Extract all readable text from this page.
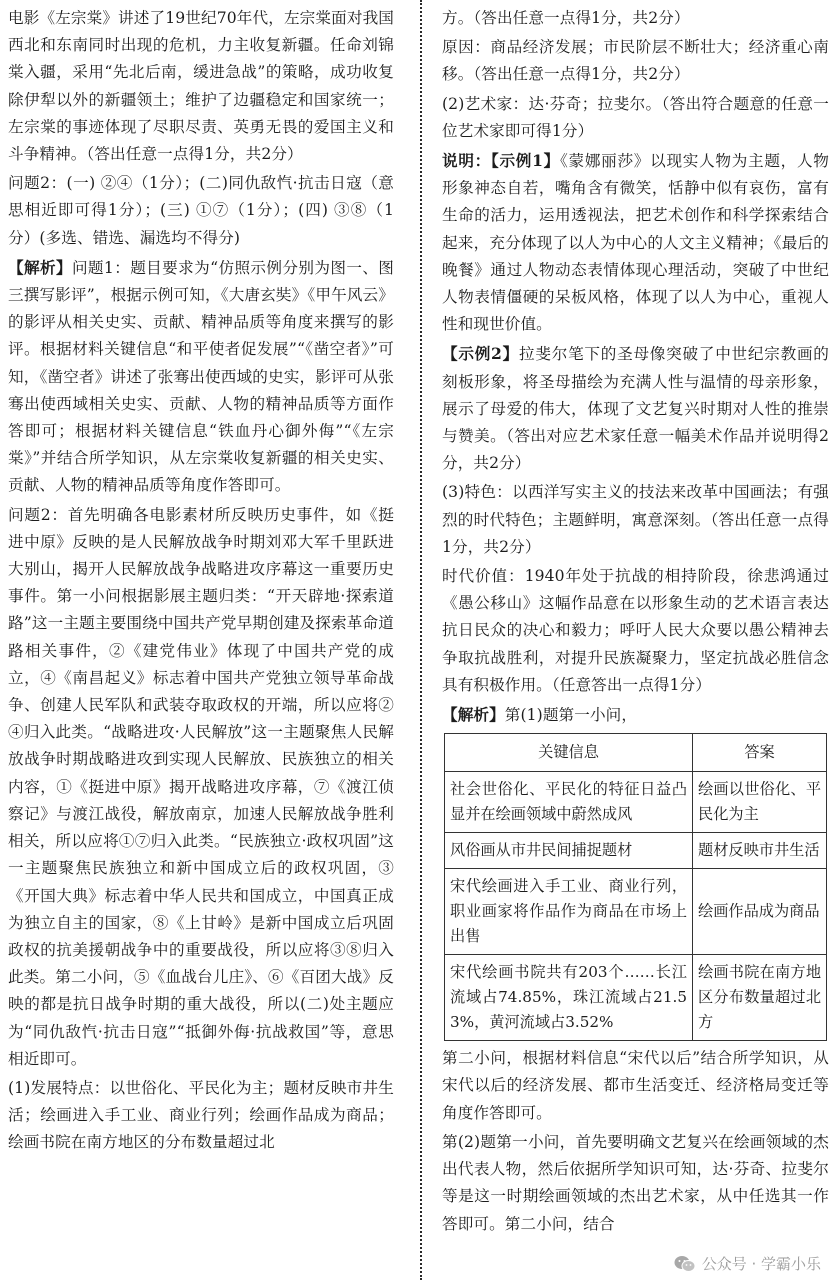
电影《左宗棠》讲述了19世纪70年代，左宗棠面对我国西北和东南同时出现的危机，力主收复新疆。任命刘锦棠入疆，采用“先北后南，缓进急战”的策略，成功收复除伊犁以外的新疆领土；维护了边疆稳定和国家统一；左宗棠的事迹体现了尽职尽责、英勇无畏的爱国主义和斗争精神。（答出任意一点得1分，共2分）

问题2：(一) ②④（1分）；(二)同仇敌忾·抗击日寇（意思相近即可得1分）；(三) ①⑦（1分）；(四) ③⑧（1分）(多选、错选、漏选均不得分)

【解析】问题1：题目要求为“仿照示例分别为图一、图三撰写影评”，根据示例可知，《大唐玄奘》《甲午风云》的影评从相关史实、贡献、精神品质等角度来撰写的影评。根据材料关键信息“和平使者促发展”“《凿空者》”可知，《凿空者》讲述了张骞出使西域的史实，影评可从张骞出使西域相关史实、贡献、人物的精神品质等方面作答即可；根据材料关键信息“铁血丹心御外侮”“《左宗棠》”并结合所学知识，从左宗棠收复新疆的相关史实、贡献、人物的精神品质等角度作答即可。

问题2：首先明确各电影素材所反映历史事件，如《挺进中原》反映的是人民解放战争时期刘邓大军千里跃进大别山，揭开人民解放战争战略进攻序幕这一重要历史事件。第一小问根据影展主题归类：“开天辟地·探索道路”这一主题主要围绕中国共产党早期创建及探索革命道路相关事件，②《建党伟业》体现了中国共产党的成立，④《南昌起义》标志着中国共产党独立领导革命战争、创建人民军队和武装夺取政权的开端，所以应将②④归入此类。“战略进攻·人民解放”这一主题聚焦人民解放战争时期战略进攻到实现人民解放、民族独立的相关内容，①《挺进中原》揭开战略进攻序幕，⑦《渡江侦察记》与渡江战役，解放南京，加速人民解放战争胜利相关，所以应将①⑦归入此类。“民族独立·政权巩固”这一主题聚焦民族独立和新中国成立后的政权巩固，③《开国大典》标志着中华人民共和国成立，中国真正成为独立自主的国家，⑧《上甘岭》是新中国成立后巩固政权的抗美援朝战争中的重要战役，所以应将③⑧归入此类。第二小问，⑤《血战台儿庄》、⑥《百团大战》反映的都是抗日战争时期的重大战役，所以(二)处主题应为“同仇敌忾·抗击日寇”“抵御外侮·抗战救国”等，意思相近即可。

(1)发展特点：以世俗化、平民化为主；题材反映市井生活；绘画进入手工业、商业行列；绘画作品成为商品；绘画书院在南方地区的分布数量超过北

方。（答出任意一点得1分，共2分）

原因：商品经济发展；市民阶层不断壮大；经济重心南移。（答出任意一点得1分，共2分）

(2)艺术家：达·芬奇；拉斐尔。（答出符合题意的任意一位艺术家即可得1分）

说明：【示例1】《蒙娜丽莎》以现实人物为主题，人物形象神态自若，嘴角含有微笑，恬静中似有哀伤，富有生命的活力，运用透视法，把艺术创作和科学探索结合起来，充分体现了以人为中心的人文主义精神；《最后的晚餐》通过人物动态表情体现心理活动，突破了中世纪人物表情僵硬的呆板风格，体现了以人为中心，重视人性和现世价值。

【示例2】拉斐尔笔下的圣母像突破了中世纪宗教画的刻板形象，将圣母描绘为充满人性与温情的母亲形象，展示了母爱的伟大，体现了文艺复兴时期对人性的推崇与赞美。（答出对应艺术家任意一幅美术作品并说明得2分，共2分）

(3)特色：以西洋写实主义的技法来改革中国画法；有强烈的时代特色；主题鲜明，寓意深刻。（答出任意一点得1分，共2分）

时代价值：1940年处于抗战的相持阶段，徐悲鸿通过《愚公移山》这幅作品意在以形象生动的艺术语言表达抗日民众的决心和毅力；呼吁人民大众要以愚公精神去争取抗战胜利，对提升民族凝聚力，坚定抗战必胜信念具有积极作用。（任意答出一点得1分）

【解析】第(1)题第一小问，

关键信息	答案
社会世俗化、平民化的特征日益凸显并在绘画领域中蔚然成风	绘画以世俗化、平民化为主
风俗画从市井民间捕捉题材	题材反映市井生活
宋代绘画进入手工业、商业行列，职业画家将作品作为商品在市场上出售	绘画作品成为商品
宋代绘画书院共有203个……长江流域占74.85%，珠江流域占21.53%，黄河流域占3.52%	绘画书院在南方地区分布数量超过北方

第二小问，根据材料信息“宋代以后”结合所学知识，从宋代以后的经济发展、都市生活变迁、经济格局变迁等角度作答即可。

第(2)题第一小问，首先要明确文艺复兴在绘画领域的杰出代表人物，然后依据所学知识可知，达·芬奇、拉斐尔等是这一时期绘画领域的杰出艺术家，从中任选其一作答即可。第二小问，结合

公众号 · 学霸小乐
